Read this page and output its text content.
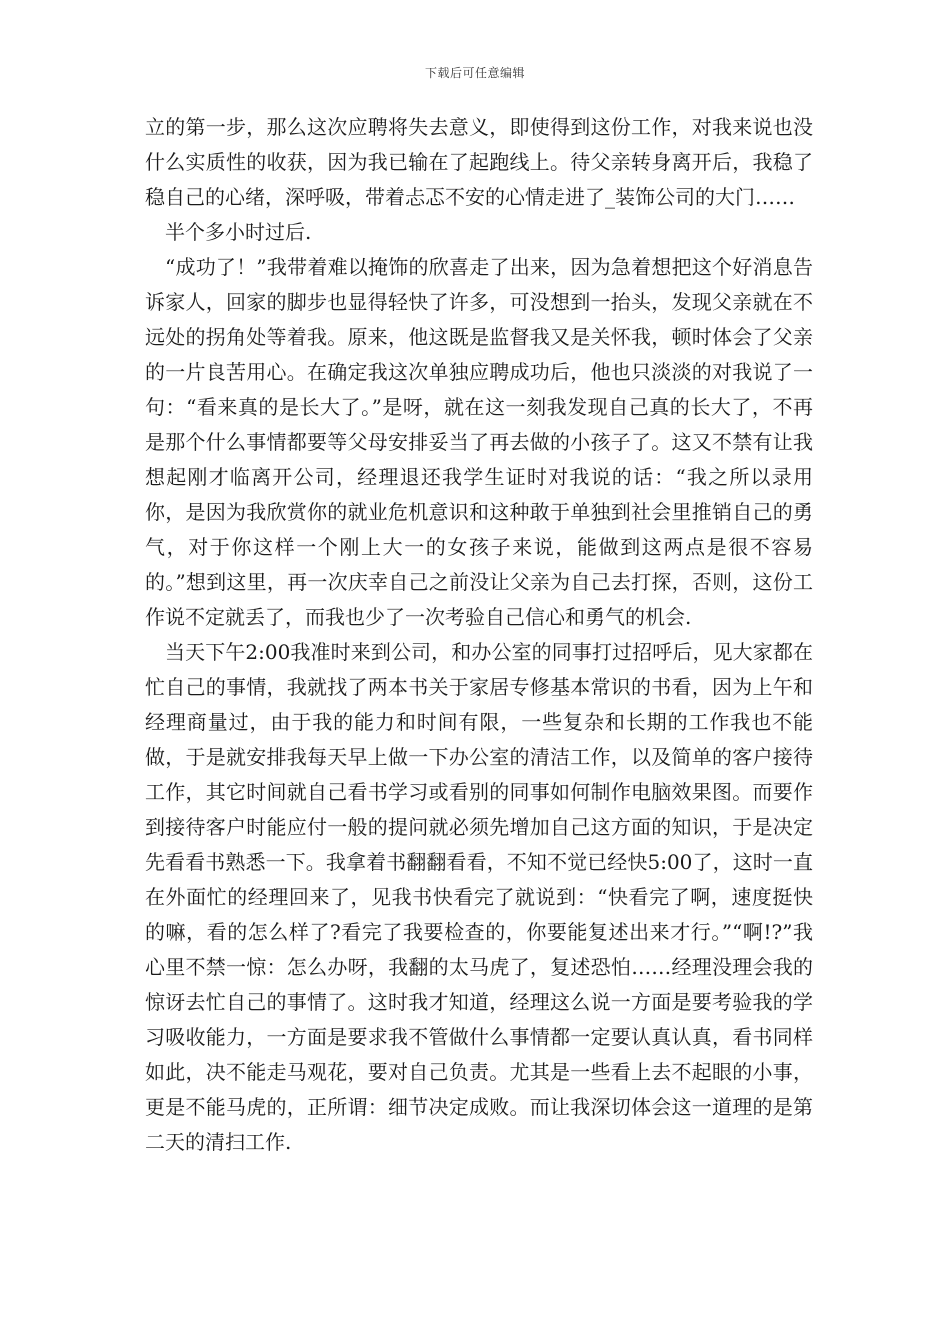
下载后可任意编辑

立的第一步，那么这次应聘将失去意义，即使得到这份工作，对我来说也没什么实质性的收获，因为我已输在了起跑线上。待父亲转身离开后，我稳了稳自己的心绪，深呼吸，带着忐忑不安的心情走进了_装饰公司的大门……

半个多小时过后.

“成功了！”我带着难以掩饰的欣喜走了出来，因为急着想把这个好消息告诉家人，回家的脚步也显得轻快了许多，可没想到一抬头，发现父亲就在不远处的拐角处等着我。原来，他这既是监督我又是关怀我，顿时体会了父亲的一片良苦用心。在确定我这次单独应聘成功后，他也只淡淡的对我说了一句：“看来真的是长大了。”是呀，就在这一刻我发现自己真的长大了，不再是那个什么事情都要等父母安排妥当了再去做的小孩子了。这又不禁有让我想起刚才临离开公司，经理退还我学生证时对我说的话：“我之所以录用你，是因为我欣赏你的就业危机意识和这种敢于单独到社会里推销自己的勇气，对于你这样一个刚上大一的女孩子来说，能做到这两点是很不容易的。”想到这里，再一次庆幸自己之前没让父亲为自己去打探，否则，这份工作说不定就丢了，而我也少了一次考验自己信心和勇气的机会.

当天下午2:00我准时来到公司，和办公室的同事打过招呼后，见大家都在忙自己的事情，我就找了两本书关于家居专修基本常识的书看，因为上午和经理商量过，由于我的能力和时间有限，一些复杂和长期的工作我也不能做，于是就安排我每天早上做一下办公室的清洁工作，以及简单的客户接待工作，其它时间就自己看书学习或看别的同事如何制作电脑效果图。而要作到接待客户时能应付一般的提问就必须先增加自己这方面的知识，于是决定先看看书熟悉一下。我拿着书翻翻看看，不知不觉已经快5:00了，这时一直在外面忙的经理回来了，见我书快看完了就说到：“快看完了啊，速度挺快的嘛，看的怎么样了?看完了我要检查的，你要能复述出来才行。”“啊!?”我心里不禁一惊：怎么办呀，我翻的太马虎了，复述恐怕……经理没理会我的惊讶去忙自己的事情了。这时我才知道，经理这么说一方面是要考验我的学习吸收能力，一方面是要求我不管做什么事情都一定要认真认真，看书同样如此，决不能走马观花，要对自己负责。尤其是一些看上去不起眼的小事，更是不能马虎的，正所谓：细节决定成败。而让我深切体会这一道理的是第二天的清扫工作.
